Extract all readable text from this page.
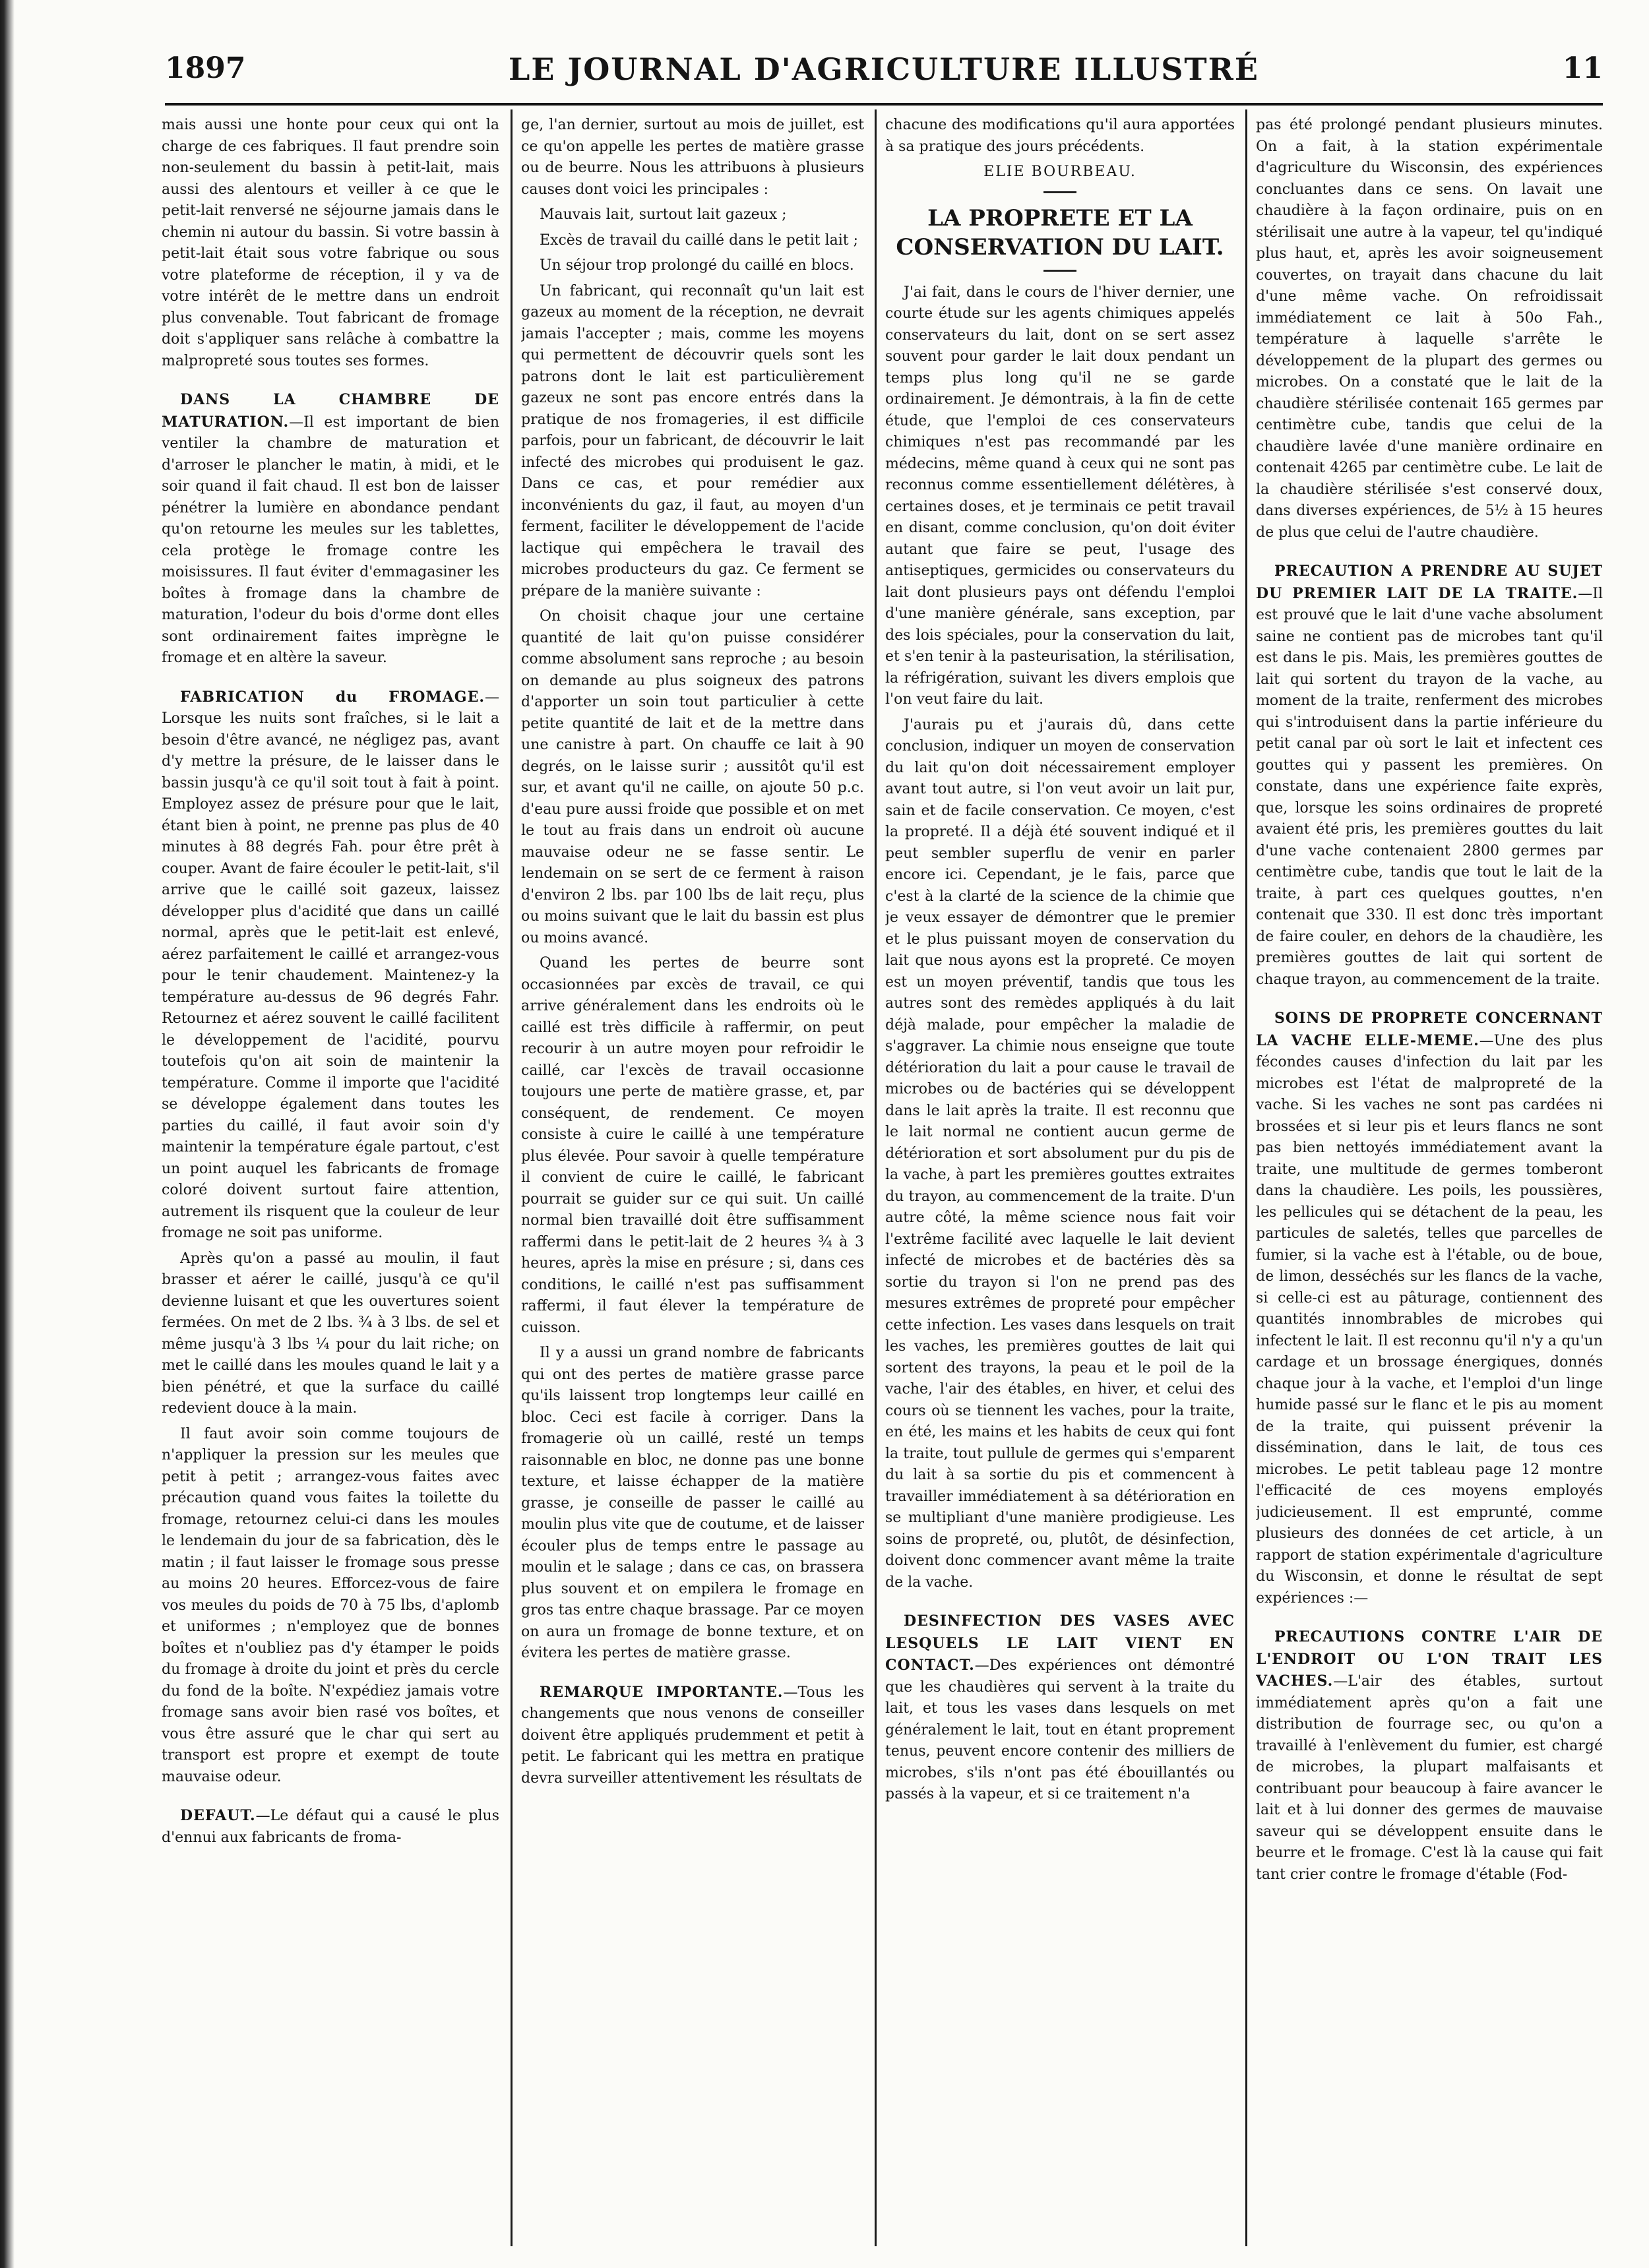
LE JOURNAL D'AGRICULTURE ILLUSTRÉ
1897	11

mais aussi une honte pour ceux qui ont la charge de ces fabriques. Il faut prendre soin non-seulement du bassin à petit-lait, mais aussi des alentours et veiller à ce que le petit-lait renversé ne séjourne jamais dans le chemin ni autour du bassin. Si votre bassin à petit-lait était sous votre fabrique ou sous votre plateforme de réception, il y va de votre intérêt de le mettre dans un endroit plus convenable. Tout fabricant de fromage doit s'appliquer sans relâche à combattre la malpropreté sous toutes ses formes.

DANS LA CHAMBRE DE MATURATION.—Il est important de bien ventiler la chambre de maturation et d'arroser le plancher le matin, à midi, et le soir quand il fait chaud. Il est bon de laisser pénétrer la lumière en abondance pendant qu'on retourne les meules sur les tablettes, cela protège le fromage contre les moisissures. Il faut éviter d'emmagasiner les boîtes à fromage dans la chambre de maturation, l'odeur du bois d'orme dont elles sont ordinairement faites imprègne le fromage et en altère la saveur.

FABRICATION du FROMAGE.—Lorsque les nuits sont fraîches, si le lait a besoin d'être avancé, ne négligez pas, avant d'y mettre la présure, de le laisser dans le bassin jusqu'à ce qu'il soit tout à fait à point. Employez assez de présure pour que le lait, étant bien à point, ne prenne pas plus de 40 minutes à 88 degrés Fah. pour être prêt à couper. Avant de faire écouler le petit-lait, s'il arrive que le caillé soit gazeux, laissez développer plus d'acidité que dans un caillé normal, après que le petit-lait est enlevé, aérez parfaitement le caillé et arrangez-vous pour le tenir chaudement. Maintenez-y la température au-dessus de 96 degrés Fahr. Retournez et aérez souvent le caillé facilitent le développement de l'acidité, pourvu toutefois qu'on ait soin de maintenir la température. Comme il importe que l'acidité se développe également dans toutes les parties du caillé, il faut avoir soin d'y maintenir la température égale partout, c'est un point auquel les fabricants de fromage coloré doivent surtout faire attention, autrement ils risquent que la couleur de leur fromage ne soit pas uniforme.

Après qu'on a passé au moulin, il faut brasser et aérer le caillé, jusqu'à ce qu'il devienne luisant et que les ouvertures soient fermées. On met de 2 lbs. ¾ à 3 lbs. de sel et même jusqu'à 3 lbs ¼ pour du lait riche; on met le caillé dans les moules quand le lait y a bien pénétré, et que la surface du caillé redevient douce à la main.

Il faut avoir soin comme toujours de n'appliquer la pression sur les meules que petit à petit ; arrangez-vous faites avec précaution quand vous faites la toilette du fromage, retournez celui-ci dans les moules le lendemain du jour de sa fabrication, dès le matin ; il faut laisser le fromage sous presse au moins 20 heures. Efforcez-vous de faire vos meules du poids de 70 à 75 lbs, d'aplomb et uniformes ; n'employez que de bonnes boîtes et n'oubliez pas d'y étamper le poids du fromage à droite du joint et près du cercle du fond de la boîte. N'expédiez jamais votre fromage sans avoir bien rasé vos boîtes, et vous être assuré que le char qui sert au transport est propre et exempt de toute mauvaise odeur.

DEFAUT.—Le défaut qui a causé le plus d'ennui aux fabricants de froma-

ge, l'an dernier, surtout au mois de juillet, est ce qu'on appelle les pertes de matière grasse ou de beurre. Nous les attribuons à plusieurs causes dont voici les principales :

Mauvais lait, surtout lait gazeux ;
Excès de travail du caillé dans le petit lait ;
Un séjour trop prolongé du caillé en blocs.

Un fabricant, qui reconnaît qu'un lait est gazeux au moment de la réception, ne devrait jamais l'accepter ; mais, comme les moyens qui permettent de découvrir quels sont les patrons dont le lait est particulièrement gazeux ne sont pas encore entrés dans la pratique de nos fromageries, il est difficile parfois, pour un fabricant, de découvrir le lait infecté des microbes qui produisent le gaz. Dans ce cas, et pour remédier aux inconvénients du gaz, il faut, au moyen d'un ferment, faciliter le développement de l'acide lactique qui empêchera le travail des microbes producteurs du gaz. Ce ferment se prépare de la manière suivante :

On choisit chaque jour une certaine quantité de lait qu'on puisse considérer comme absolument sans reproche ; au besoin on demande au plus soigneux des patrons d'apporter un soin tout particulier à cette petite quantité de lait et de la mettre dans une canistre à part. On chauffe ce lait à 90 degrés, on le laisse surir ; aussitôt qu'il est sur, et avant qu'il ne caille, on ajoute 50 p.c. d'eau pure aussi froide que possible et on met le tout au frais dans un endroit où aucune mauvaise odeur ne se fasse sentir. Le lendemain on se sert de ce ferment à raison d'environ 2 lbs. par 100 lbs de lait reçu, plus ou moins suivant que le lait du bassin est plus ou moins avancé.

Quand les pertes de beurre sont occasionnées par excès de travail, ce qui arrive généralement dans les endroits où le caillé est très difficile à raffermir, on peut recourir à un autre moyen pour refroidir le caillé, car l'excès de travail occasionne toujours une perte de matière grasse, et, par conséquent, de rendement. Ce moyen consiste à cuire le caillé à une température plus élevée. Pour savoir à quelle température il convient de cuire le caillé, le fabricant pourrait se guider sur ce qui suit. Un caillé normal bien travaillé doit être suffisamment raffermi dans le petit-lait de 2 heures ¾ à 3 heures, après la mise en présure ; si, dans ces conditions, le caillé n'est pas suffisamment raffermi, il faut élever la température de cuisson.

Il y a aussi un grand nombre de fabricants qui ont des pertes de matière grasse parce qu'ils laissent trop longtemps leur caillé en bloc. Ceci est facile à corriger. Dans la fromagerie où un caillé, resté un temps raisonnable en bloc, ne donne pas une bonne texture, et laisse échapper de la matière grasse, je conseille de passer le caillé au moulin plus vite que de coutume, et de laisser écouler plus de temps entre le passage au moulin et le salage ; dans ce cas, on brassera plus souvent et on empilera le fromage en gros tas entre chaque brassage. Par ce moyen on aura un fromage de bonne texture, et on évitera les pertes de matière grasse.

REMARQUE IMPORTANTE.—Tous les changements que nous venons de conseiller doivent être appliqués prudemment et petit à petit. Le fabricant qui les mettra en pratique devra surveiller attentivement les résultats de

chacune des modifications qu'il aura apportées à sa pratique des jours précédents.

ELIE BOURBEAU.

LA PROPRETE ET LA CONSERVATION DU LAIT.

J'ai fait, dans le cours de l'hiver dernier, une courte étude sur les agents chimiques appelés conservateurs du lait, dont on se sert assez souvent pour garder le lait doux pendant un temps plus long qu'il ne se garde ordinairement. Je démontrais, à la fin de cette étude, que l'emploi de ces conservateurs chimiques n'est pas recommandé par les médecins, même quand à ceux qui ne sont pas reconnus comme essentiellement délétères, à certaines doses, et je terminais ce petit travail en disant, comme conclusion, qu'on doit éviter autant que faire se peut, l'usage des antiseptiques, germicides ou conservateurs du lait dont plusieurs pays ont défendu l'emploi d'une manière générale, sans exception, par des lois spéciales, pour la conservation du lait, et s'en tenir à la pasteurisation, la stérilisation, la réfrigération, suivant les divers emplois que l'on veut faire du lait.

J'aurais pu et j'aurais dû, dans cette conclusion, indiquer un moyen de conservation du lait qu'on doit nécessairement employer avant tout autre, si l'on veut avoir un lait pur, sain et de facile conservation. Ce moyen, c'est la propreté. Il a déjà été souvent indiqué et il peut sembler superflu de venir en parler encore ici. Cependant, je le fais, parce que c'est à la clarté de la science de la chimie que je veux essayer de démontrer que le premier et le plus puissant moyen de conservation du lait que nous ayons est la propreté. Ce moyen est un moyen préventif, tandis que tous les autres sont des remèdes appliqués à du lait déjà malade, pour empêcher la maladie de s'aggraver. La chimie nous enseigne que toute détérioration du lait a pour cause le travail de microbes ou de bactéries qui se développent dans le lait après la traite. Il est reconnu que le lait normal ne contient aucun germe de détérioration et sort absolument pur du pis de la vache, à part les premières gouttes extraites du trayon, au commencement de la traite. D'un autre côté, la même science nous fait voir l'extrême facilité avec laquelle le lait devient infecté de microbes et de bactéries dès sa sortie du trayon si l'on ne prend pas des mesures extrêmes de propreté pour empêcher cette infection. Les vases dans lesquels on trait les vaches, les premières gouttes de lait qui sortent des trayons, la peau et le poil de la vache, l'air des étables, en hiver, et celui des cours où se tiennent les vaches, pour la traite, en été, les mains et les habits de ceux qui font la traite, tout pullule de germes qui s'emparent du lait à sa sortie du pis et commencent à travailler immédiatement à sa détérioration en se multipliant d'une manière prodigieuse. Les soins de propreté, ou, plutôt, de désinfection, doivent donc commencer avant même la traite de la vache.

DESINFECTION DES VASES AVEC LESQUELS LE LAIT VIENT EN CONTACT.—Des expériences ont démontré que les chaudières qui servent à la traite du lait, et tous les vases dans lesquels on met généralement le lait, tout en étant proprement tenus, peuvent encore contenir des milliers de microbes, s'ils n'ont pas été ébouillantés ou passés à la vapeur, et si ce traitement n'a

pas été prolongé pendant plusieurs minutes. On a fait, à la station expérimentale d'agriculture du Wisconsin, des expériences concluantes dans ce sens. On lavait une chaudière à la façon ordinaire, puis on en stérilisait une autre à la vapeur, tel qu'indiqué plus haut, et, après les avoir soigneusement couvertes, on trayait dans chacune du lait d'une même vache. On refroidissait immédiatement ce lait à 50o Fah., température à laquelle s'arrête le développement de la plupart des germes ou microbes. On a constaté que le lait de la chaudière stérilisée contenait 165 germes par centimètre cube, tandis que celui de la chaudière lavée d'une manière ordinaire en contenait 4265 par centimètre cube. Le lait de la chaudière stérilisée s'est conservé doux, dans diverses expériences, de 5½ à 15 heures de plus que celui de l'autre chaudière.

PRECAUTION A PRENDRE AU SUJET DU PREMIER LAIT DE LA TRAITE.—Il est prouvé que le lait d'une vache absolument saine ne contient pas de microbes tant qu'il est dans le pis. Mais, les premières gouttes de lait qui sortent du trayon de la vache, au moment de la traite, renferment des microbes qui s'introduisent dans la partie inférieure du petit canal par où sort le lait et infectent ces gouttes qui y passent les premières. On constate, dans une expérience faite exprès, que, lorsque les soins ordinaires de propreté avaient été pris, les premières gouttes du lait d'une vache contenaient 2800 germes par centimètre cube, tandis que tout le lait de la traite, à part ces quelques gouttes, n'en contenait que 330. Il est donc très important de faire couler, en dehors de la chaudière, les premières gouttes de lait qui sortent de chaque trayon, au commencement de la traite.

SOINS DE PROPRETE CONCERNANT LA VACHE ELLE-MEME.—Une des plus fécondes causes d'infection du lait par les microbes est l'état de malpropreté de la vache. Si les vaches ne sont pas cardées ni brossées et si leur pis et leurs flancs ne sont pas bien nettoyés immédiatement avant la traite, une multitude de germes tomberont dans la chaudière. Les poils, les poussières, les pellicules qui se détachent de la peau, les particules de saletés, telles que parcelles de fumier, si la vache est à l'étable, ou de boue, de limon, desséchés sur les flancs de la vache, si celle-ci est au pâturage, contiennent des quantités innombrables de microbes qui infectent le lait. Il est reconnu qu'il n'y a qu'un cardage et un brossage énergiques, donnés chaque jour à la vache, et l'emploi d'un linge humide passé sur le flanc et le pis au moment de la traite, qui puissent prévenir la dissémination, dans le lait, de tous ces microbes. Le petit tableau page 12 montre l'efficacité de ces moyens employés judicieusement. Il est emprunté, comme plusieurs des données de cet article, à un rapport de station expérimentale d'agriculture du Wisconsin, et donne le résultat de sept expériences :—

PRECAUTIONS CONTRE L'AIR DE L'ENDROIT OU L'ON TRAIT LES VACHES.—L'air des étables, surtout immédiatement après qu'on a fait une distribution de fourrage sec, ou qu'on a travaillé à l'enlèvement du fumier, est chargé de microbes, la plupart malfaisants et contribuant pour beaucoup à faire avancer le lait et à lui donner des germes de mauvaise saveur qui se développent ensuite dans le beurre et le fromage. C'est là la cause qui fait tant crier contre le fromage d'étable (Fod-
